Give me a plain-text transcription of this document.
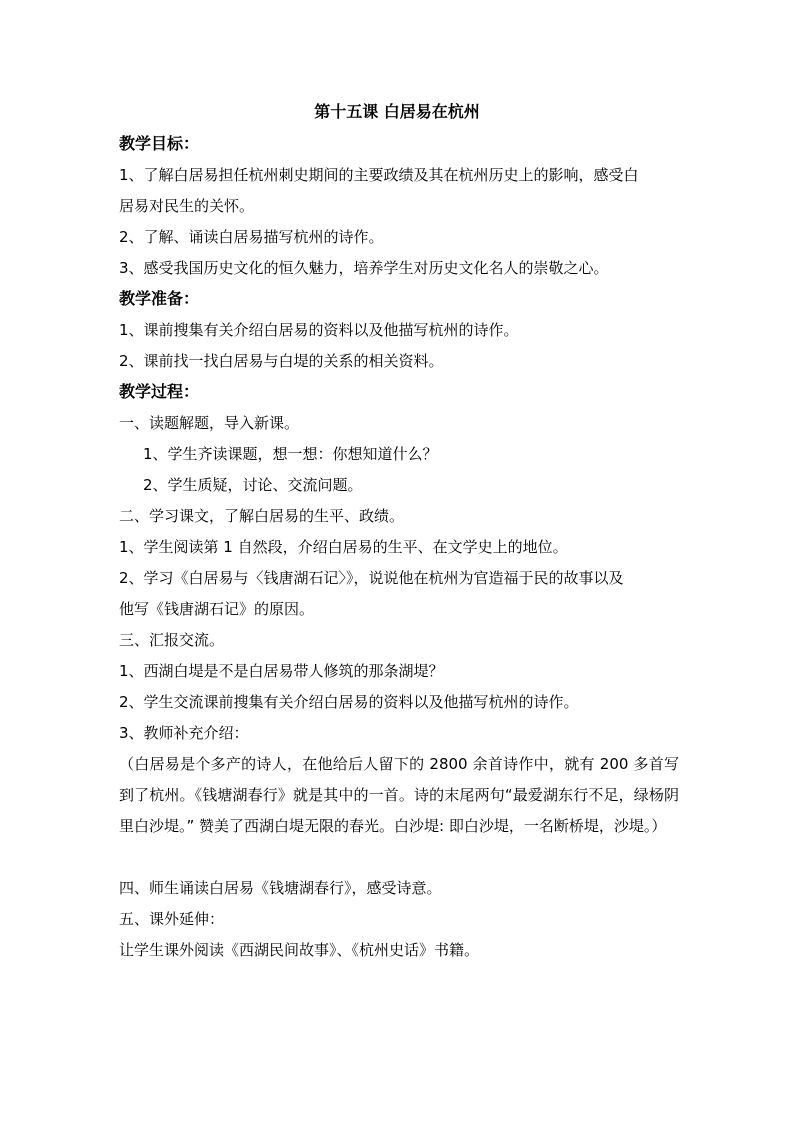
第十五课 白居易在杭州
教学目标：
1、了解白居易担任杭州刺史期间的主要政绩及其在杭州历史上的影响，感受白
居易对民生的关怀。
2、了解、诵读白居易描写杭州的诗作。
3、感受我国历史文化的恒久魅力，培养学生对历史文化名人的崇敬之心。
教学准备：
1、课前搜集有关介绍白居易的资料以及他描写杭州的诗作。
2、课前找一找白居易与白堤的关系的相关资料。
教学过程：
一、读题解题，导入新课。
1、学生齐读课题，想一想：你想知道什么？
2、学生质疑，讨论、交流问题。
二、学习课文，了解白居易的生平、政绩。
1、学生阅读第 1 自然段，介绍白居易的生平、在文学史上的地位。
2、学习《白居易与〈钱唐湖石记〉》，说说他在杭州为官造福于民的故事以及
他写《钱唐湖石记》的原因。
三、汇报交流。
1、西湖白堤是不是白居易带人修筑的那条湖堤？
2、学生交流课前搜集有关介绍白居易的资料以及他描写杭州的诗作。
3、教师补充介绍：
（白居易是个多产的诗人，在他给后人留下的 2800 余首诗作中，就有 200 多首写到了杭州。《钱塘湖春行》就是其中的一首。诗的末尾两句“最爱湖东行不足，绿杨阴里白沙堤。” 赞美了西湖白堤无限的春光。白沙堤: 即白沙堤，一名断桥堤，沙堤。）
四、师生诵读白居易《钱塘湖春行》，感受诗意。
五、课外延伸：
让学生课外阅读《西湖民间故事》、《杭州史话》书籍。
